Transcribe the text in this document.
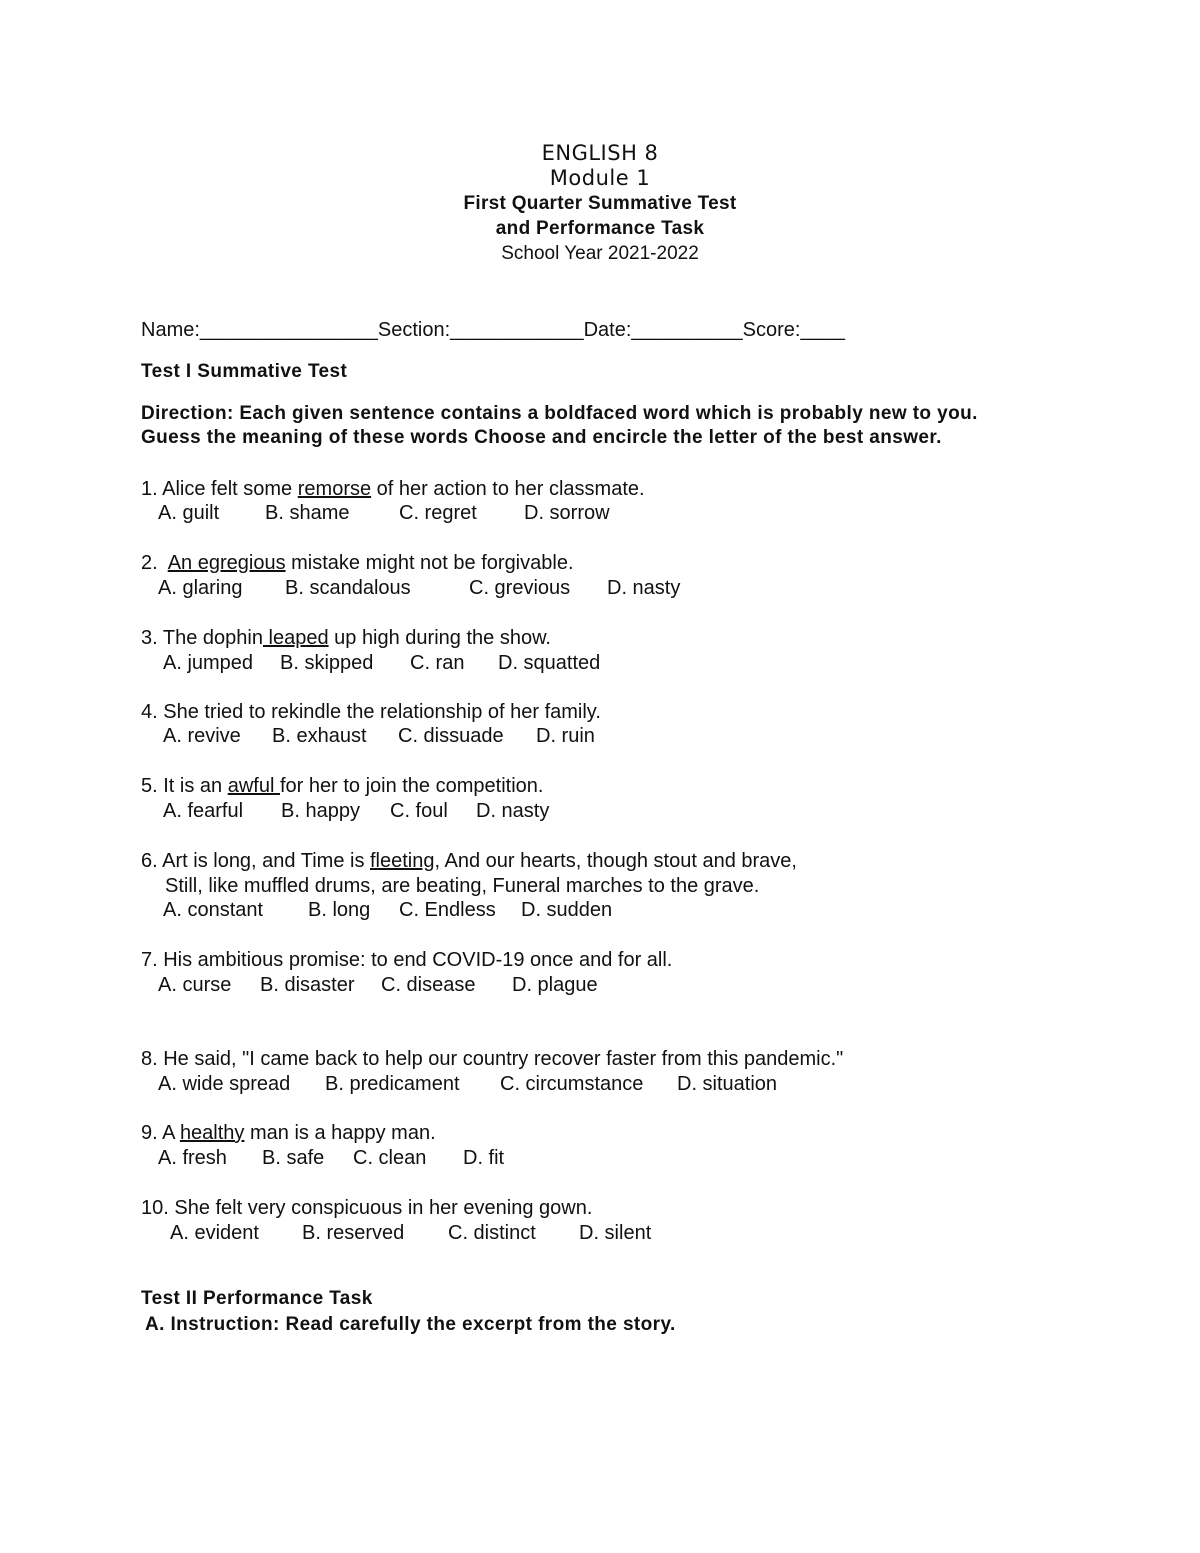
ENGLISH 8
Module 1
First Quarter Summative Test
and Performance Task
School Year 2021-2022
Name:________________Section:____________Date:__________Score:____
Test I Summative Test
Direction: Each given sentence contains a boldfaced word which is probably new to you.
Guess the meaning of these words Choose and encircle the letter of the best answer.
1. Alice felt some remorse of her action to her classmate.
A. guilt B. shame C. regret D. sorrow
2.  An egregious mistake might not be forgivable.
A. glaring B. scandalous	C. grevious D. nasty
3. The dophin leaped up high during the show.
A. jumped B. skipped C. ran D. squatted
4. She tried to rekindle the relationship of her family.
A. revive B. exhaust C. dissuade D. ruin
5. It is an awful for her to join the competition.
A. fearful B. happy C. foul D. nasty
6. Art is long, and Time is fleeting, And our hearts, though stout and brave,
Still, like muffled drums, are beating, Funeral marches to the grave.
A. constant B. long C. Endless D. sudden
7. His ambitious promise: to end COVID-19 once and for all.
A. curse B. disaster C. disease D. plague
8. He said, "I came back to help our country recover faster from this pandemic."
A. wide spread B. predicament C. circumstance D. situation
9. A healthy man is a happy man.
A. fresh B. safe C. clean D. fit
10. She felt very conspicuous in her evening gown.
A. evident B. reserved C. distinct D. silent
Test II Performance Task
A. Instruction: Read carefully the excerpt from the story.
